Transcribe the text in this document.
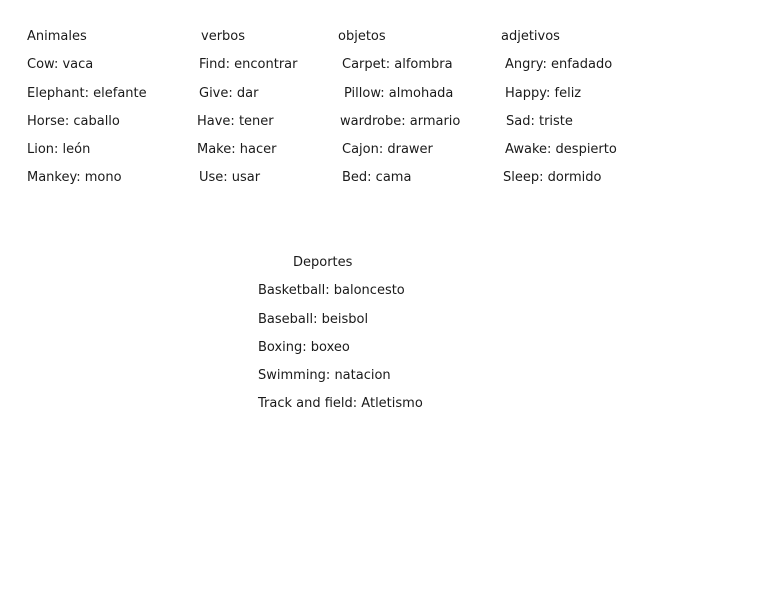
Animales
Cow: vaca
Elephant: elefante
Horse: caballo
Lion: león
Mankey: mono
verbos
Find: encontrar
Give: dar
Have: tener
Make: hacer
Use: usar
objetos
Carpet: alfombra
Pillow: almohada
wardrobe: armario
Cajon: drawer
Bed: cama
adjetivos
Angry: enfadado
Happy: feliz
Sad: triste
Awake: despierto
Sleep: dormido
Deportes
Basketball: baloncesto
Baseball: beisbol
Boxing: boxeo
Swimming: natacion
Track and field: Atletismo
